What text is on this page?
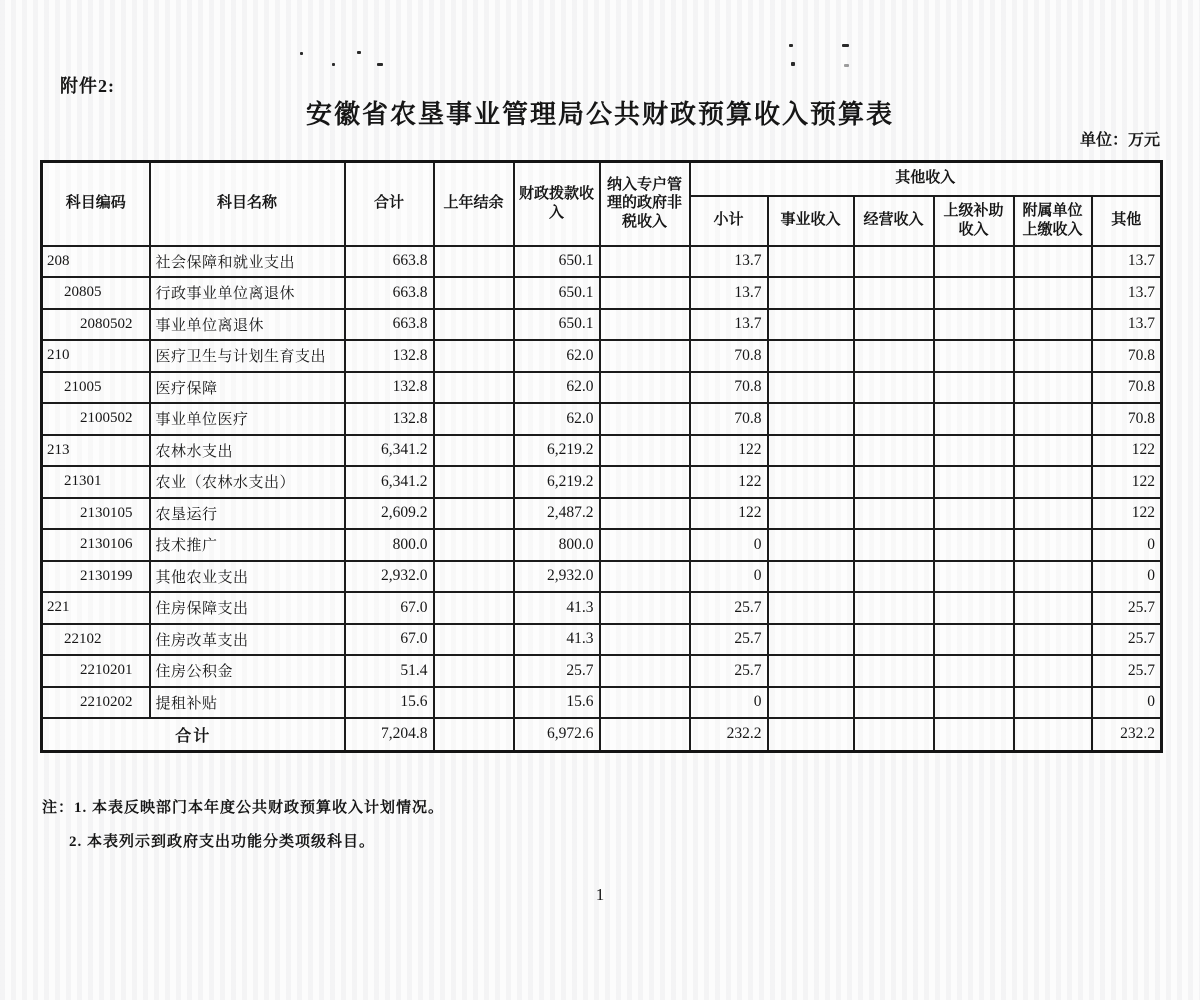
附件2:
安徽省农垦事业管理局公共财政预算收入预算表
单位：万元
科目编码	科目名称	合计	上年结余	财政拨款收入	纳入专户管理的政府非税收入	其他收入					
						小计	事业收入	经营收入	上级补助收入	附属单位上缴收入	其他
208	社会保障和就业支出	663.8		650.1		13.7					13.7
20805	行政事业单位离退休	663.8		650.1		13.7					13.7
2080502	事业单位离退休	663.8		650.1		13.7					13.7
210	医疗卫生与计划生育支出	132.8		62.0		70.8					70.8
21005	医疗保障	132.8		62.0		70.8					70.8
2100502	事业单位医疗	132.8		62.0		70.8					70.8
213	农林水支出	6,341.2		6,219.2		122					122
21301	农业（农林水支出）	6,341.2		6,219.2		122					122
2130105	农垦运行	2,609.2		2,487.2		122					122
2130106	技术推广	800.0		800.0		0					0
2130199	其他农业支出	2,932.0		2,932.0		0					0
221	住房保障支出	67.0		41.3		25.7					25.7
22102	住房改革支出	67.0		41.3		25.7					25.7
2210201	住房公积金	51.4		25.7		25.7					25.7
2210202	提租补贴	15.6		15.6		0					0
合计		7,204.8		6,972.6		232.2					232.2
注：1. 本表反映部门本年度公共财政预算收入计划情况。
2. 本表列示到政府支出功能分类项级科目。
1
